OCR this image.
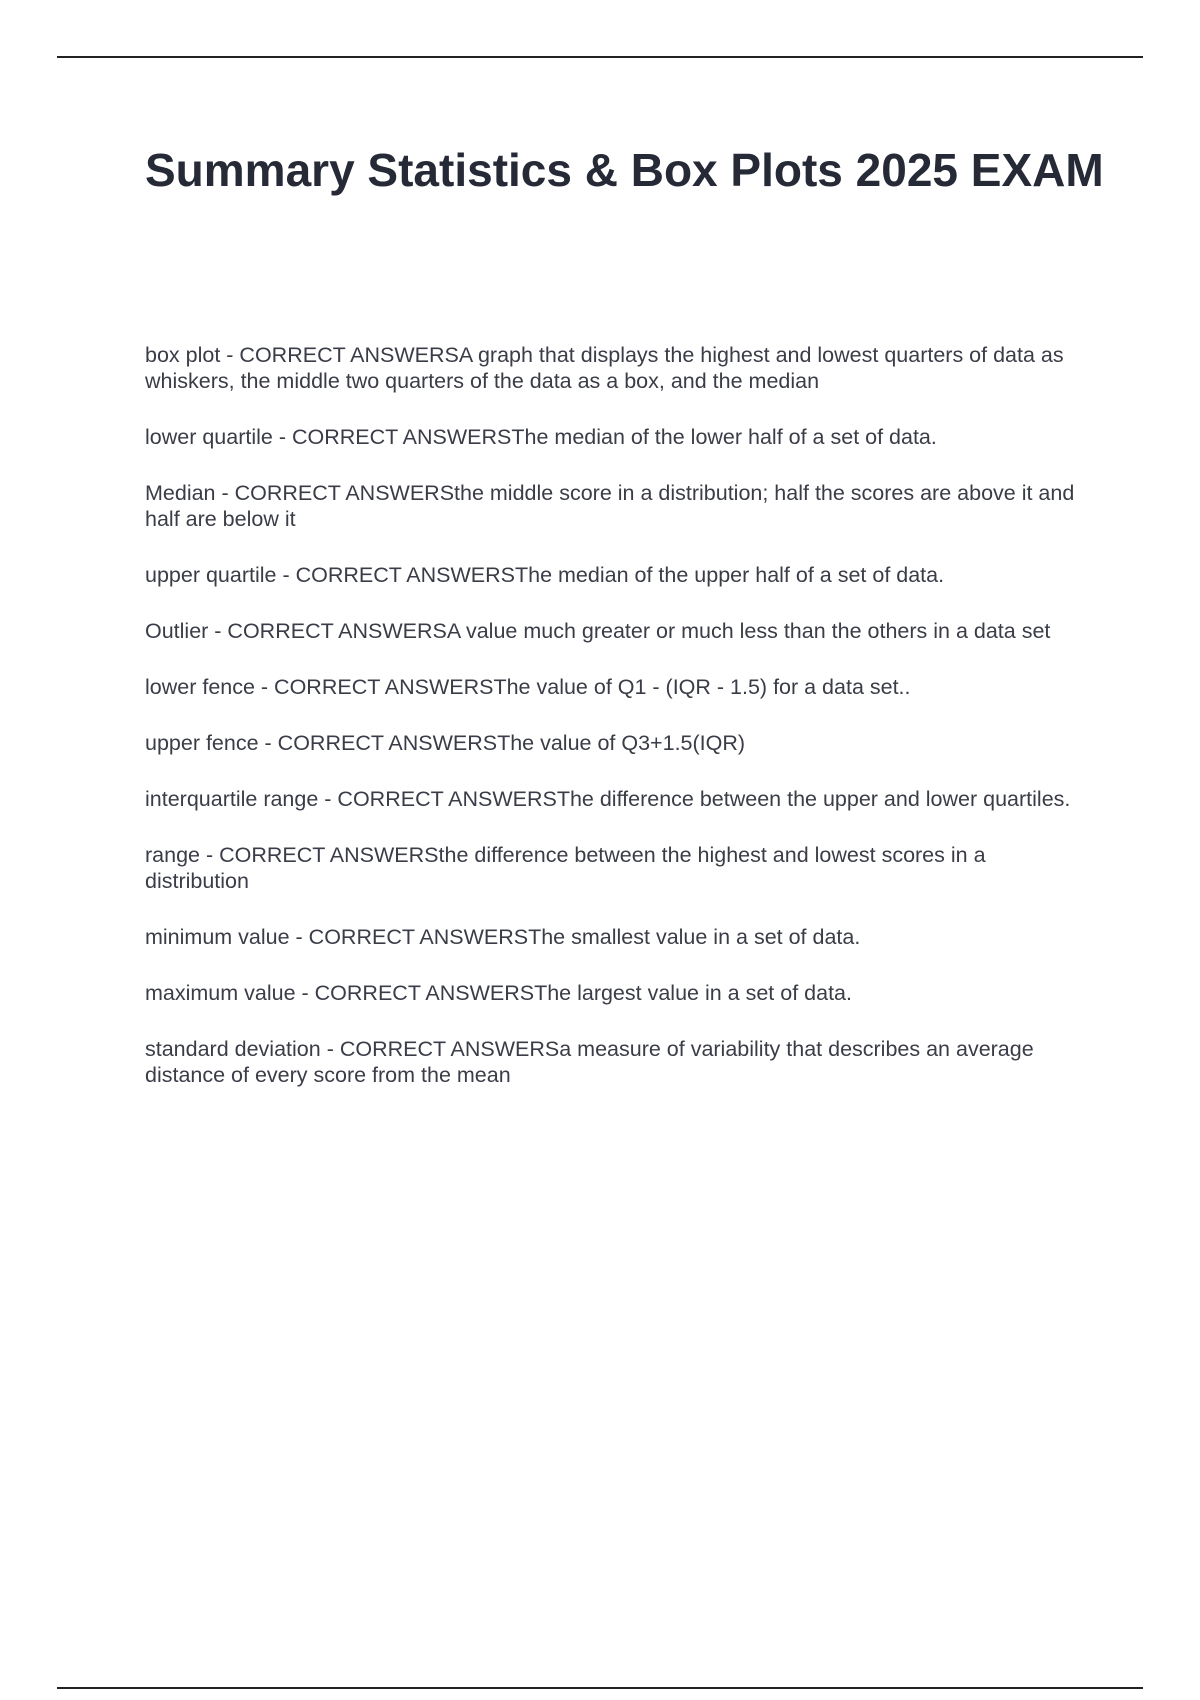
Summary Statistics & Box Plots 2025 EXAM
box plot - CORRECT ANSWERSA graph that displays the highest and lowest quarters of data as whiskers, the middle two quarters of the data as a box, and the median
lower quartile - CORRECT ANSWERSThe median of the lower half of a set of data.
Median - CORRECT ANSWERSthe middle score in a distribution; half the scores are above it and half are below it
upper quartile - CORRECT ANSWERSThe median of the upper half of a set of data.
Outlier - CORRECT ANSWERSA value much greater or much less than the others in a data set
lower fence - CORRECT ANSWERSThe value of Q1 - (IQR - 1.5) for a data set..
upper fence - CORRECT ANSWERSThe value of Q3+1.5(IQR)
interquartile range - CORRECT ANSWERSThe difference between the upper and lower quartiles.
range - CORRECT ANSWERSthe difference between the highest and lowest scores in a distribution
minimum value - CORRECT ANSWERSThe smallest value in a set of data.
maximum value - CORRECT ANSWERSThe largest value in a set of data.
standard deviation - CORRECT ANSWERSa measure of variability that describes an average distance of every score from the mean
